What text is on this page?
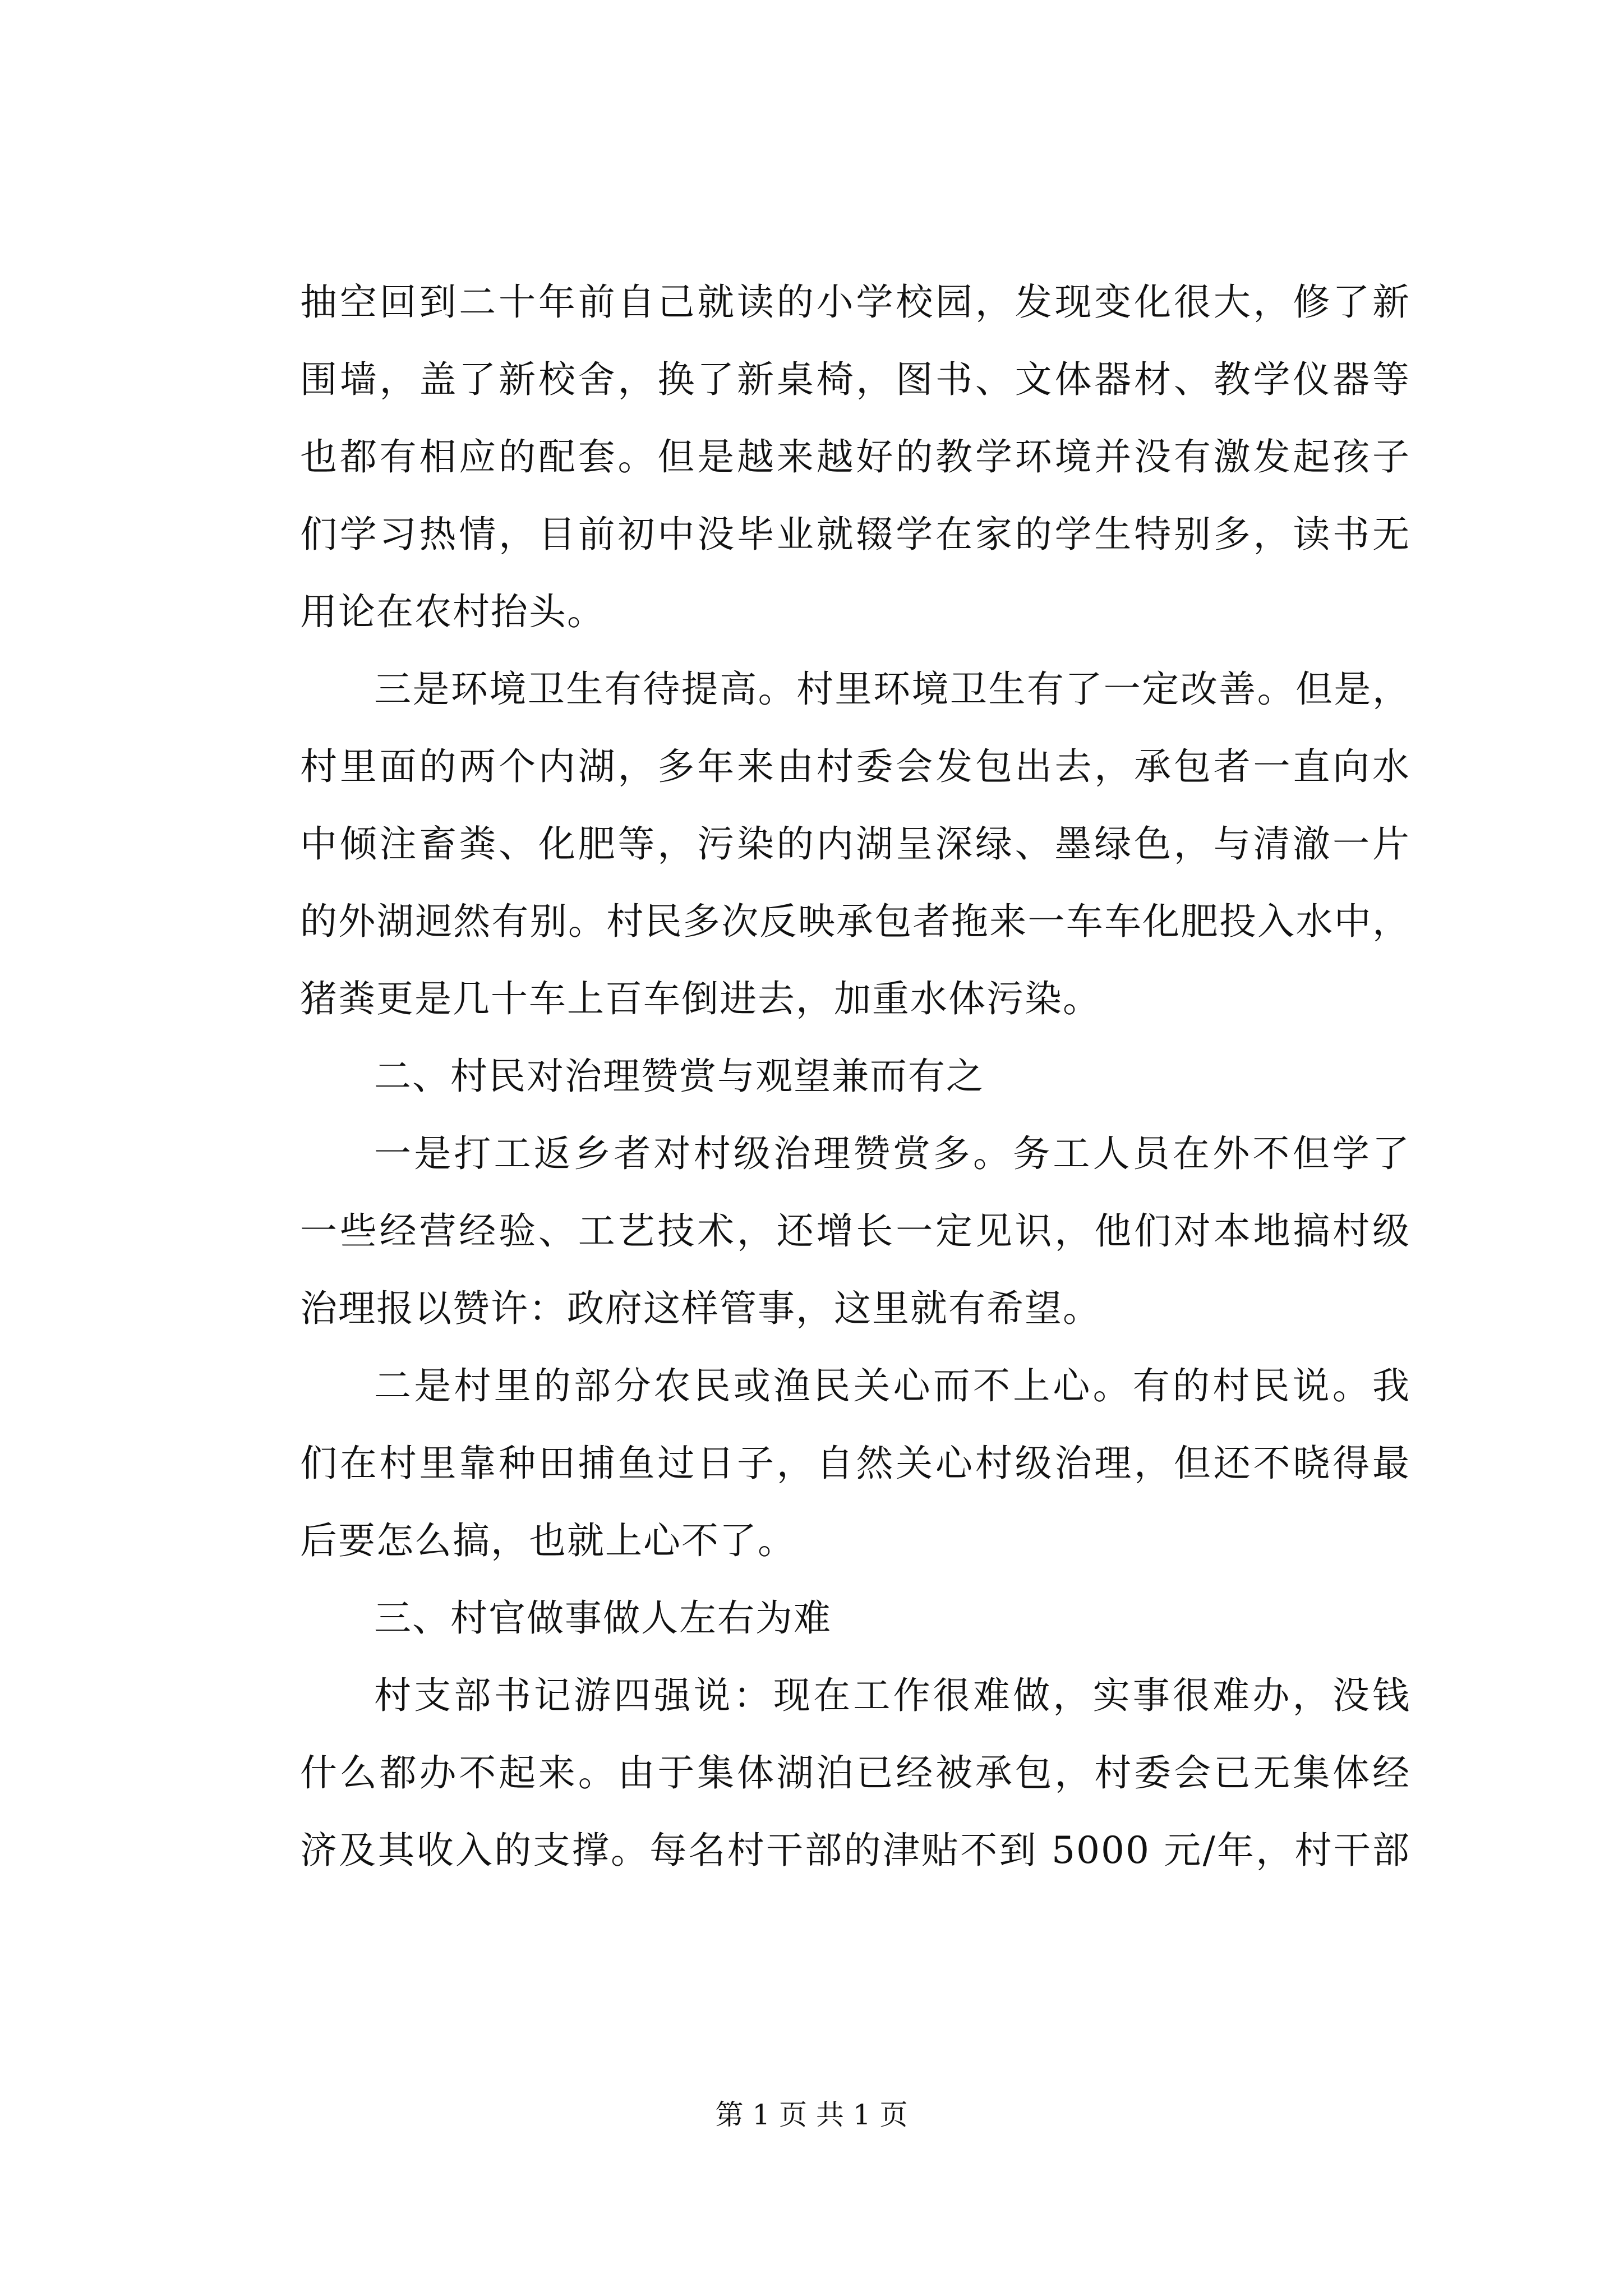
抽空回到二十年前自己就读的小学校园，发现变化很大，修了新
围墙，盖了新校舍，换了新桌椅，图书、文体器材、教学仪器等
也都有相应的配套。但是越来越好的教学环境并没有激发起孩子
们学习热情，目前初中没毕业就辍学在家的学生特别多，读书无
用论在农村抬头。
三是环境卫生有待提高。村里环境卫生有了一定改善。但是，
村里面的两个内湖，多年来由村委会发包出去，承包者一直向水
中倾注畜粪、化肥等，污染的内湖呈深绿、墨绿色，与清澈一片
的外湖迥然有别。村民多次反映承包者拖来一车车化肥投入水中，
猪粪更是几十车上百车倒进去，加重水体污染。
二、村民对治理赞赏与观望兼而有之
一是打工返乡者对村级治理赞赏多。务工人员在外不但学了
一些经营经验、工艺技术，还增长一定见识，他们对本地搞村级
治理报以赞许：政府这样管事，这里就有希望。
二是村里的部分农民或渔民关心而不上心。有的村民说。我
们在村里靠种田捕鱼过日子，自然关心村级治理，但还不晓得最
后要怎么搞，也就上心不了。
三、村官做事做人左右为难
村支部书记游四强说：现在工作很难做，实事很难办，没钱
什么都办不起来。由于集体湖泊已经被承包，村委会已无集体经
济及其收入的支撑。每名村干部的津贴不到 5000 元/年，村干部
第 1 页 共 1 页
